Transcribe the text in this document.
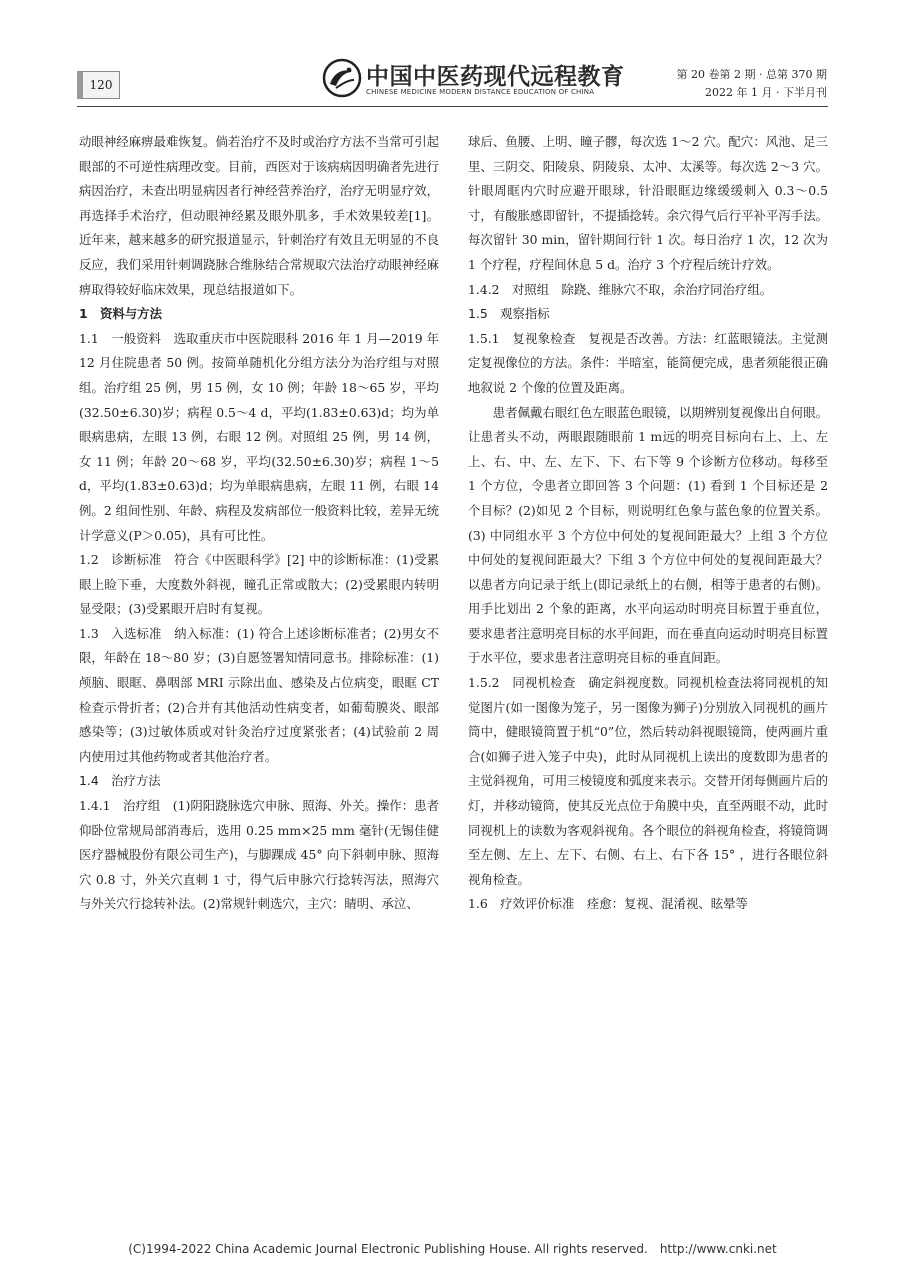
120	中国中医药现代远程教育
CHINESE MEDICINE MODERN DISTANCE EDUCATION OF CHINA
第 20 卷第 2 期 · 总第 370 期
2022 年 1 月 · 下半月刊

动眼神经麻痹最难恢复。倘若治疗不及时或治疗方法不当常可引起眼部的不可逆性病理改变。目前，西医对于该病病因明确者先进行病因治疗，未查出明显病因者行神经营养治疗，治疗无明显疗效，再选择手术治疗，但动眼神经累及眼外肌多，手术效果较差[1]。近年来，越来越多的研究报道显示，针刺治疗有效且无明显的不良反应，我们采用针刺调跷脉合维脉结合常规取穴法治疗动眼神经麻痹取得较好临床效果，现总结报道如下。

1　资料与方法

1.1　一般资料　选取重庆市中医院眼科 2016 年 1 月—2019 年 12 月住院患者 50 例。按简单随机化分组方法分为治疗组与对照组。治疗组 25 例，男 15 例，女 10 例；年龄 18～65 岁，平均(32.50±6.30)岁；病程 0.5～4 d，平均(1.83±0.63)d；均为单眼病患病，左眼 13 例，右眼 12 例。对照组 25 例，男 14 例，女 11 例；年龄 20～68 岁，平均(32.50±6.30)岁；病程 1～5 d，平均(1.83±0.63)d；均为单眼病患病，左眼 11 例，右眼 14 例。2 组间性别、年龄、病程及发病部位一般资料比较，差异无统计学意义(P＞0.05)，具有可比性。

1.2　诊断标准　符合《中医眼科学》[2] 中的诊断标准：(1)受累眼上睑下垂，大度数外斜视，瞳孔正常或散大；(2)受累眼内转明显受限；(3)受累眼开启时有复视。

1.3　入选标准　纳入标准：(1) 符合上述诊断标准者；(2)男女不限，年龄在 18～80 岁；(3)自愿签署知情同意书。排除标准：(1)颅脑、眼眶、鼻咽部 MRI 示除出血、感染及占位病变，眼眶 CT 检查示骨折者；(2)合并有其他活动性病变者，如葡萄膜炎、眼部感染等；(3)过敏体质或对针灸治疗过度紧张者；(4)试验前 2 周内使用过其他药物或者其他治疗者。

1.4　治疗方法

1.4.1　治疗组　(1)阴阳跷脉选穴申脉、照海、外关。操作：患者仰卧位常规局部消毒后，选用 0.25 mm×25 mm 毫针(无锡佳健医疗器械股份有限公司生产)，与脚踝成 45° 向下斜刺申脉、照海穴 0.8 寸，外关穴直刺 1 寸，得气后申脉穴行捻转泻法，照海穴与外关穴行捻转补法。(2)常规针刺选穴，主穴：睛明、承泣、

球后、鱼腰、上明、瞳子髎，每次选 1～2 穴。配穴：风池、足三里、三阴交、阳陵泉、阴陵泉、太冲、太溪等。每次选 2～3 穴。针眼周眶内穴时应避开眼球，针沿眼眶边缘缓缓刺入 0.3～0.5 寸，有酸胀感即留针，不提插捻转。余穴得气后行平补平泻手法。每次留针 30 min，留针期间行针 1 次。每日治疗 1 次，12 次为 1 个疗程，疗程间休息 5 d。治疗 3 个疗程后统计疗效。

1.4.2　对照组　除跷、维脉穴不取，余治疗同治疗组。

1.5　观察指标

1.5.1　复视象检查　复视是否改善。方法：红蓝眼镜法。主觉测定复视像位的方法。条件：半暗室，能简便完成，患者须能很正确地叙说 2 个像的位置及距离。

患者佩戴右眼红色左眼蓝色眼镜，以期辨别复视像出自何眼。让患者头不动，两眼跟随眼前 1 m远的明亮目标向右上、上、左上、右、中、左、左下、下、右下等 9 个诊断方位移动。每移至 1 个方位，令患者立即回答 3 个问题：(1) 看到 1 个目标还是 2 个目标？(2)如见 2 个目标，则说明红色象与蓝色象的位置关系。(3) 中同组水平 3 个方位中何处的复视间距最大？上组 3 个方位中何处的复视间距最大？下组 3 个方位中何处的复视间距最大？以患者方向记录于纸上(即记录纸上的右侧，相等于患者的右侧)。用手比划出 2 个象的距离，水平向运动时明亮目标置于垂直位，要求患者注意明亮目标的水平间距，而在垂直向运动时明亮目标置于水平位，要求患者注意明亮目标的垂直间距。

1.5.2　同视机检查　确定斜视度数。同视机检查法将同视机的知觉图片(如一图像为笼子，另一图像为狮子)分别放入同视机的画片筒中，健眼镜筒置于机“0”位，然后转动斜视眼镜筒，使两画片重合(如狮子进入笼子中央)，此时从同视机上读出的度数即为患者的主觉斜视角，可用三棱镜度和弧度来表示。交替开闭每侧画片后的灯，并移动镜筒，使其反光点位于角膜中央，直至两眼不动，此时同视机上的读数为客观斜视角。各个眼位的斜视角检查，将镜筒调至左侧、左上、左下、右侧、右上、右下各 15° ，进行各眼位斜视角检查。

1.6　疗效评价标准　痊愈：复视、混淆视、眩晕等

(C)1994-2022 China Academic Journal Electronic Publishing House. All rights reserved.　http://www.cnki.net
